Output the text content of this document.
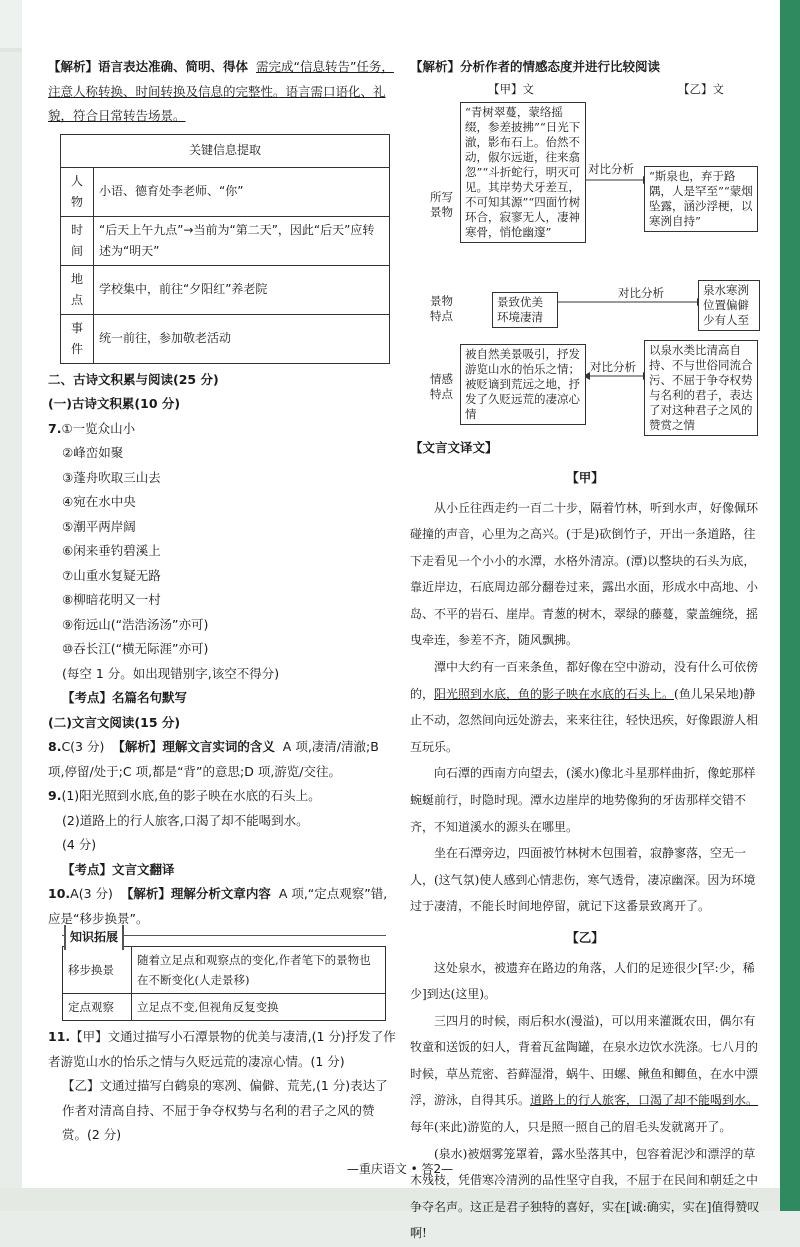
【解析】语言表达准确、简明、得体 需完成“信息转告”任务，注意人称转换、时间转换及信息的完整性。语言需口语化、礼貌，符合日常转告场景。

关键信息提取	
人物	小语、德育处李老师、“你”
时间	“后天上午九点”→当前为“第二天”，因此“后天”应转述为“明天”
地点	学校集中，前往“夕阳红”养老院
事件	统一前往，参加敬老活动

二、古诗文积累与阅读(25 分)

(一)古诗文积累(10 分)

7.①一览众山小

②峰峦如聚

③蓬舟吹取三山去

④宛在水中央

⑤潮平两岸阔

⑥闲来垂钓碧溪上

⑦山重水复疑无路

⑧柳暗花明又一村

⑨衔远山(“浩浩汤汤”亦可)

⑩吞长江(“横无际涯”亦可)

(每空 1 分。如出现错别字,该空不得分)

【考点】名篇名句默写

(二)文言文阅读(15 分)

8.C(3 分) 【解析】理解文言实词的含义 A 项,凄清/清澈;B 项,停留/处于;C 项,都是“背”的意思;D 项,游览/交往。

9.(1)阳光照到水底,鱼的影子映在水底的石头上。

(2)道路上的行人旅客,口渴了却不能喝到水。

(4 分)

【考点】文言文翻译

10.A(3 分) 【解析】理解分析文章内容 A 项,“定点观察”错,应是“移步换景”。

知识拓展
移步换景	随着立足点和观察点的变化,作者笔下的景物也在不断变化(人走景移)
定点观察	立足点不变,但视角反复变换

11.【甲】文通过描写小石潭景物的优美与凄清,(1 分)抒发了作者游览山水的怡乐之情与久贬远荒的凄凉心情。(1 分)

【乙】文通过描写白鹤泉的寒冽、偏僻、荒芜,(1 分)表达了作者对清高自持、不屈于争夺权势与名利的君子之风的赞赏。(2 分)

【解析】分析作者的情感态度并进行比较阅读

【甲】文	【乙】文
所写景物
“青树翠蔓，蒙络摇缀，参差披拂”“日光下澈，影布石上。佁然不动，俶尔远逝，往来翕忽”“斗折蛇行，明灭可见。其岸势犬牙差互，不可知其源”“四面竹树环合，寂寥无人，凄神寒骨，悄怆幽邃”
对比分析	“斯泉也，弃于路隅，人是罕至”“蒙烟坠露，涵沙浮梗，以寒洌自持”
景物特点
景致优美环境凄清
对比分析	泉水寒洌位置偏僻少有人至
情感特点
被自然美景吸引，抒发游览山水的怡乐之情；被贬谪到荒远之地，抒发了久贬远荒的凄凉心情
对比分析
以泉水类比清高自持、不与世俗同流合污、不屈于争夺权势与名利的君子，表达了对这种君子之风的赞赏之情

【文言文译文】

【甲】

从小丘往西走约一百二十步，隔着竹林，听到水声，好像佩环碰撞的声音，心里为之高兴。(于是)砍倒竹子，开出一条道路，往下走看见一个小小的水潭，水格外清凉。(潭)以整块的石头为底，靠近岸边，石底周边部分翻卷过来，露出水面，形成水中高地、小岛、不平的岩石、崖岸。青葱的树木，翠绿的藤蔓，蒙盖缠绕，摇曳牵连，参差不齐，随风飘拂。

潭中大约有一百来条鱼，都好像在空中游动，没有什么可依傍的，阳光照到水底，鱼的影子映在水底的石头上。(鱼儿呆呆地)静止不动，忽然间向远处游去，来来往往，轻快迅疾，好像跟游人相互玩乐。

向石潭的西南方向望去，(溪水)像北斗星那样曲折，像蛇那样蜿蜒前行，时隐时现。潭水边崖岸的地势像狗的牙齿那样交错不齐，不知道溪水的源头在哪里。

坐在石潭旁边，四面被竹林树木包围着，寂静寥落，空无一人，(这气氛)使人感到心情悲伤，寒气透骨，凄凉幽深。因为环境过于凄清，不能长时间地停留，就记下这番景致离开了。

【乙】

这处泉水，被遗弃在路边的角落，人们的足迹很少[罕:少，稀少]到达(这里)。

三四月的时候，雨后积水(漫溢)，可以用来灌溉农田，偶尔有牧童和送饭的妇人，背着瓦盆陶罐，在泉水边饮水洗涤。七八月的时候，草丛荒密、苔藓湿滑，蜗牛、田螺、鳅鱼和鲫鱼，在水中漂浮，游泳，自得其乐。道路上的行人旅客，口渴了却不能喝到水。每年(来此)游览的人，只是照一照自己的眉毛头发就离开了。

(泉水)被烟雾笼罩着，露水坠落其中，包容着泥沙和漂浮的草木残枝，凭借寒冷清洌的品性坚守自我，不屈于在民间和朝廷之中争夺名声。这正是君子独特的喜好，实在[诚:确实，实在]值得赞叹啊!

—重庆语文 • 答2—
